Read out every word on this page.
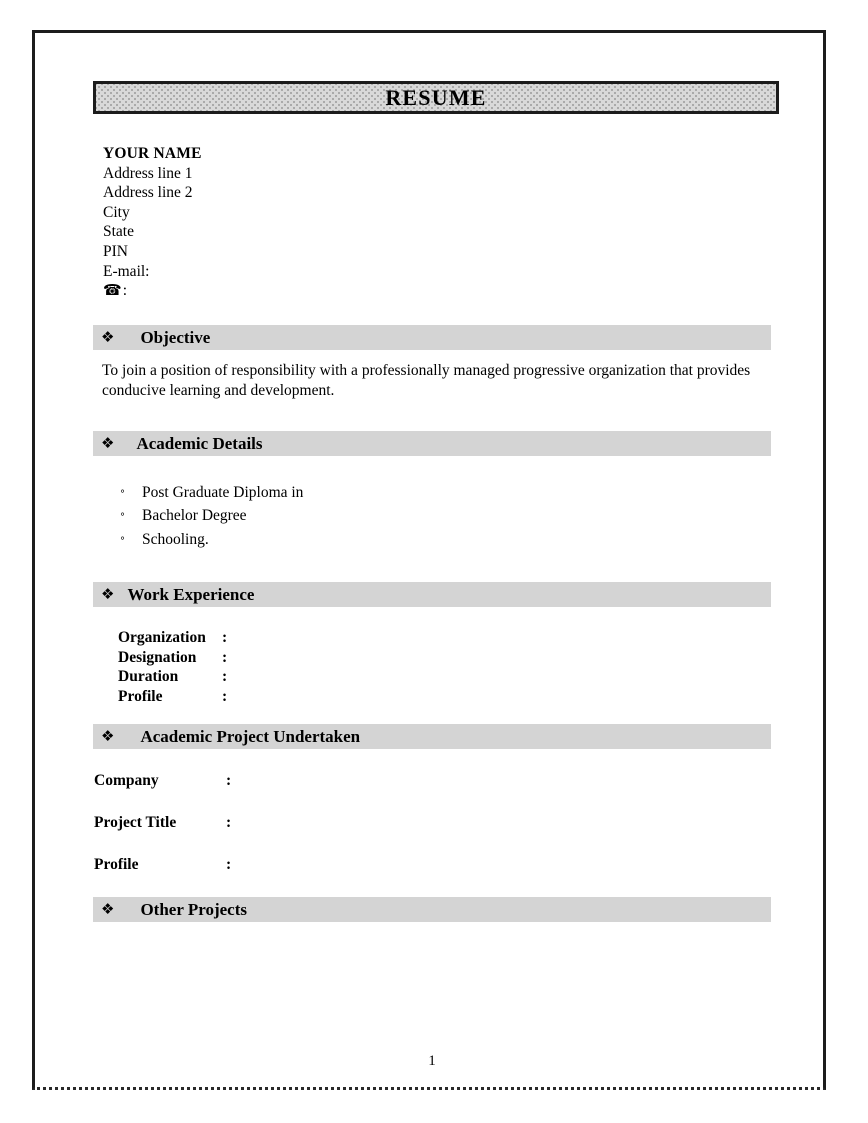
RESUME
YOUR NAME
Address line 1
Address line 2
City
State
PIN
E-mail:
☎ :
❖ Objective
To join a position of responsibility with a professionally managed progressive organization that provides conducive learning and development.
❖ Academic Details
°	Post Graduate Diploma in
°	Bachelor Degree
°	Schooling.
❖ Work Experience
Organization	:
Designation	:
Duration	:
Profile	:
❖ Academic Project Undertaken
Company	:
Project Title	:
Profile	:
❖ Other Projects
1
